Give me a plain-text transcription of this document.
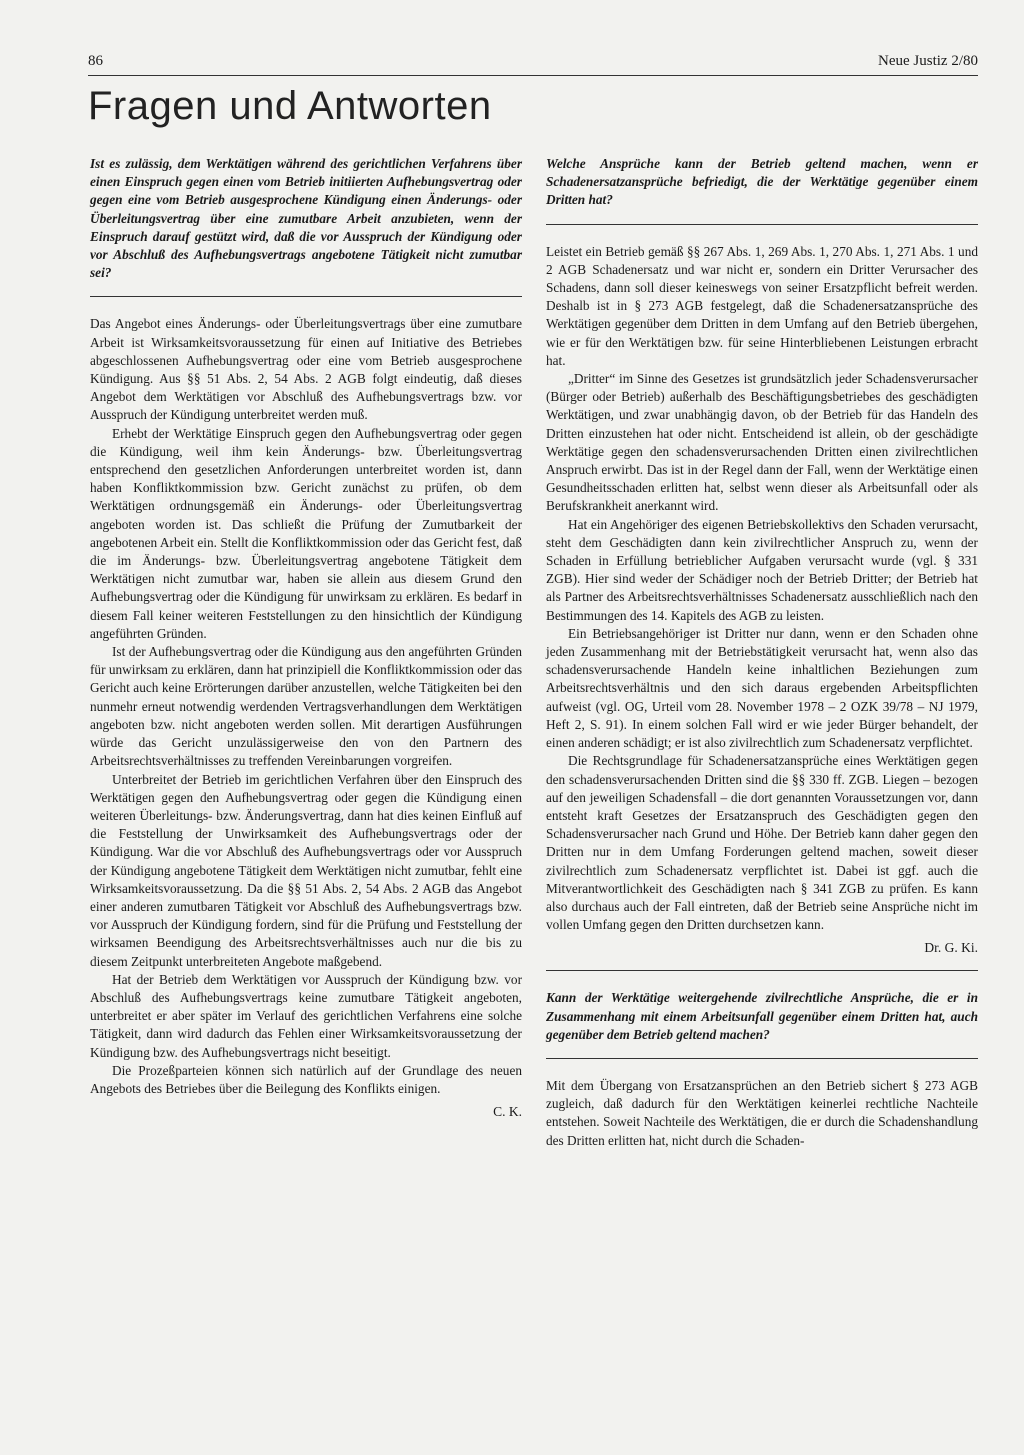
86	Neue Justiz 2/80
Fragen und Antworten

Ist es zulässig, dem Werktätigen während des gerichtlichen Verfahrens über einen Einspruch gegen einen vom Betrieb initiierten Aufhebungsvertrag oder gegen eine vom Betrieb ausgesprochene Kündigung einen Änderungs- oder Überleitungsvertrag über eine zumutbare Arbeit anzubieten, wenn der Einspruch darauf gestützt wird, daß die vor Ausspruch der Kündigung oder vor Abschluß des Aufhebungsvertrags angebotene Tätigkeit nicht zumutbar sei?

Das Angebot eines Änderungs- oder Überleitungsvertrags über eine zumutbare Arbeit ist Wirksamkeitsvoraussetzung für einen auf Initiative des Betriebes abgeschlossenen Aufhebungsvertrag oder eine vom Betrieb ausgesprochene Kündigung. Aus §§ 51 Abs. 2, 54 Abs. 2 AGB folgt eindeutig, daß dieses Angebot dem Werktätigen vor Abschluß des Aufhebungsvertrags bzw. vor Ausspruch der Kündigung unterbreitet werden muß.

Erhebt der Werktätige Einspruch gegen den Aufhebungsvertrag oder gegen die Kündigung, weil ihm kein Änderungs- bzw. Überleitungsvertrag entsprechend den gesetzlichen Anforderungen unterbreitet worden ist, dann haben Konfliktkommission bzw. Gericht zunächst zu prüfen, ob dem Werktätigen ordnungsgemäß ein Änderungs- oder Überleitungsvertrag angeboten worden ist. Das schließt die Prüfung der Zumutbarkeit der angebotenen Arbeit ein. Stellt die Konfliktkommission oder das Gericht fest, daß die im Änderungs- bzw. Überleitungsvertrag angebotene Tätigkeit dem Werktätigen nicht zumutbar war, haben sie allein aus diesem Grund den Aufhebungsvertrag oder die Kündigung für unwirksam zu erklären. Es bedarf in diesem Fall keiner weiteren Feststellungen zu den hinsichtlich der Kündigung angeführten Gründen.

Ist der Aufhebungsvertrag oder die Kündigung aus den angeführten Gründen für unwirksam zu erklären, dann hat prinzipiell die Konfliktkommission oder das Gericht auch keine Erörterungen darüber anzustellen, welche Tätigkeiten bei den nunmehr erneut notwendig werdenden Vertragsverhandlungen dem Werktätigen angeboten bzw. nicht angeboten werden sollen. Mit derartigen Ausführungen würde das Gericht unzulässigerweise den von den Partnern des Arbeitsrechtsverhältnisses zu treffenden Vereinbarungen vorgreifen.

Unterbreitet der Betrieb im gerichtlichen Verfahren über den Einspruch des Werktätigen gegen den Aufhebungsvertrag oder gegen die Kündigung einen weiteren Überleitungs- bzw. Änderungsvertrag, dann hat dies keinen Einfluß auf die Feststellung der Unwirksamkeit des Aufhebungsvertrags oder der Kündigung. War die vor Abschluß des Aufhebungsvertrags oder vor Ausspruch der Kündigung angebotene Tätigkeit dem Werktätigen nicht zumutbar, fehlt eine Wirksamkeitsvoraussetzung. Da die §§ 51 Abs. 2, 54 Abs. 2 AGB das Angebot einer anderen zumutbaren Tätigkeit vor Abschluß des Aufhebungsvertrags bzw. vor Ausspruch der Kündigung fordern, sind für die Prüfung und Feststellung der wirksamen Beendigung des Arbeitsrechtsverhältnisses auch nur die bis zu diesem Zeitpunkt unterbreiteten Angebote maßgebend.

Hat der Betrieb dem Werktätigen vor Ausspruch der Kündigung bzw. vor Abschluß des Aufhebungsvertrags keine zumutbare Tätigkeit angeboten, unterbreitet er aber später im Verlauf des gerichtlichen Verfahrens eine solche Tätigkeit, dann wird dadurch das Fehlen einer Wirksamkeitsvoraussetzung der Kündigung bzw. des Aufhebungsvertrags nicht beseitigt.

Die Prozeßparteien können sich natürlich auf der Grundlage des neuen Angebots des Betriebes über die Beilegung des Konflikts einigen.

C. K.

Welche Ansprüche kann der Betrieb geltend machen, wenn er Schadenersatzansprüche befriedigt, die der Werktätige gegenüber einem Dritten hat?

Leistet ein Betrieb gemäß §§ 267 Abs. 1, 269 Abs. 1, 270 Abs. 1, 271 Abs. 1 und 2 AGB Schadenersatz und war nicht er, sondern ein Dritter Verursacher des Schadens, dann soll dieser keineswegs von seiner Ersatzpflicht befreit werden. Deshalb ist in § 273 AGB festgelegt, daß die Schadenersatzansprüche des Werktätigen gegenüber dem Dritten in dem Umfang auf den Betrieb übergehen, wie er für den Werktätigen bzw. für seine Hinterbliebenen Leistungen erbracht hat.

„Dritter“ im Sinne des Gesetzes ist grundsätzlich jeder Schadensverursacher (Bürger oder Betrieb) außerhalb des Beschäftigungsbetriebes des geschädigten Werktätigen, und zwar unabhängig davon, ob der Betrieb für das Handeln des Dritten einzustehen hat oder nicht. Entscheidend ist allein, ob der geschädigte Werktätige gegen den schadensverursachenden Dritten einen zivilrechtlichen Anspruch erwirbt. Das ist in der Regel dann der Fall, wenn der Werktätige einen Gesundheitsschaden erlitten hat, selbst wenn dieser als Arbeitsunfall oder als Berufskrankheit anerkannt wird.

Hat ein Angehöriger des eigenen Betriebskollektivs den Schaden verursacht, steht dem Geschädigten dann kein zivilrechtlicher Anspruch zu, wenn der Schaden in Erfüllung betrieblicher Aufgaben verursacht wurde (vgl. § 331 ZGB). Hier sind weder der Schädiger noch der Betrieb Dritter; der Betrieb hat als Partner des Arbeitsrechtsverhältnisses Schadenersatz ausschließlich nach den Bestimmungen des 14. Kapitels des AGB zu leisten.

Ein Betriebsangehöriger ist Dritter nur dann, wenn er den Schaden ohne jeden Zusammenhang mit der Betriebstätigkeit verursacht hat, wenn also das schadensverursachende Handeln keine inhaltlichen Beziehungen zum Arbeitsrechtsverhältnis und den sich daraus ergebenden Arbeitspflichten aufweist (vgl. OG, Urteil vom 28. November 1978 – 2 OZK 39/78 – NJ 1979, Heft 2, S. 91). In einem solchen Fall wird er wie jeder Bürger behandelt, der einen anderen schädigt; er ist also zivilrechtlich zum Schadenersatz verpflichtet.

Die Rechtsgrundlage für Schadenersatzansprüche eines Werktätigen gegen den schadensverursachenden Dritten sind die §§ 330 ff. ZGB. Liegen – bezogen auf den jeweiligen Schadensfall – die dort genannten Voraussetzungen vor, dann entsteht kraft Gesetzes der Ersatzanspruch des Geschädigten gegen den Schadensverursacher nach Grund und Höhe. Der Betrieb kann daher gegen den Dritten nur in dem Umfang Forderungen geltend machen, soweit dieser zivilrechtlich zum Schadenersatz verpflichtet ist. Dabei ist ggf. auch die Mitverantwortlichkeit des Geschädigten nach § 341 ZGB zu prüfen. Es kann also durchaus auch der Fall eintreten, daß der Betrieb seine Ansprüche nicht im vollen Umfang gegen den Dritten durchsetzen kann.

Dr. G. Ki.

Kann der Werktätige weitergehende zivilrechtliche Ansprüche, die er in Zusammenhang mit einem Arbeitsunfall gegenüber einem Dritten hat, auch gegenüber dem Betrieb geltend machen?

Mit dem Übergang von Ersatzansprüchen an den Betrieb sichert § 273 AGB zugleich, daß dadurch für den Werktätigen keinerlei rechtliche Nachteile entstehen. Soweit Nachteile des Werktätigen, die er durch die Schadenshandlung des Dritten erlitten hat, nicht durch die Schaden-
